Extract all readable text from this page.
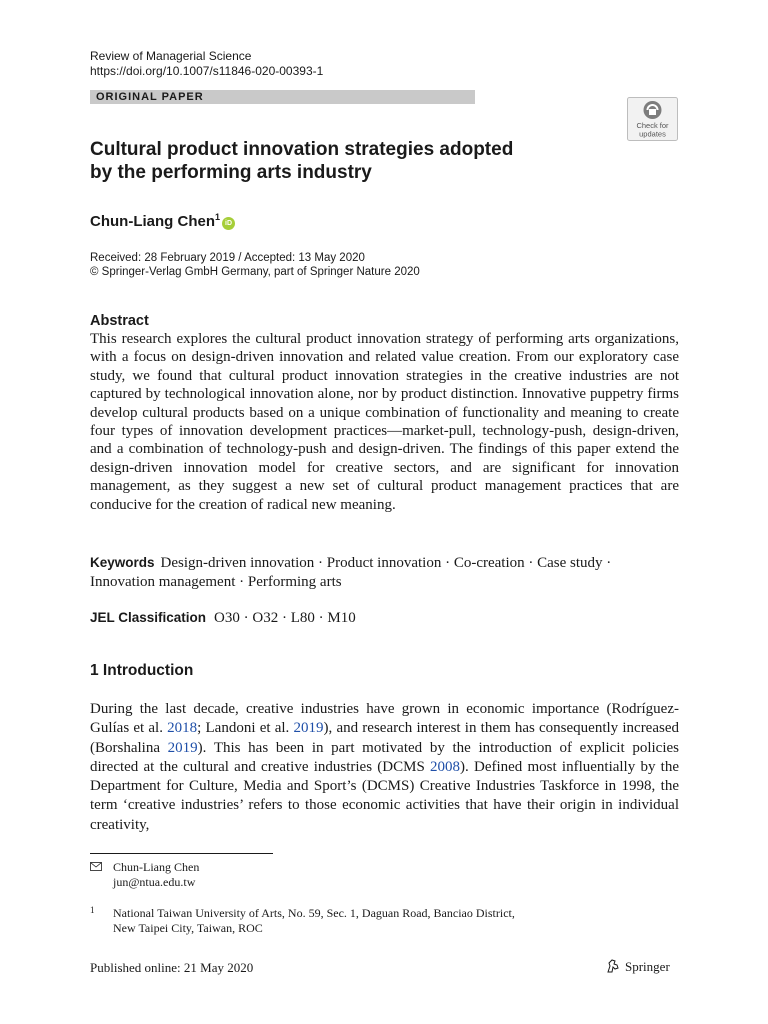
Review of Managerial Science
https://doi.org/10.1007/s11846-020-00393-1
ORIGINAL PAPER
Check for
updates
Cultural product innovation strategies adopted
by the performing arts industry
Chun-Liang Chen$^1$iD
Received: 28 February 2019 / Accepted: 13 May 2020
© Springer-Verlag GmbH Germany, part of Springer Nature 2020
Abstract

This research explores the cultural product innovation strategy of performing arts organizations, with a focus on design-driven innovation and related value creation. From our exploratory case study, we found that cultural product innovation strategies in the creative industries are not captured by technological innovation alone, nor by product distinction. Innovative puppetry firms develop cultural products based on a unique combination of functionality and meaning to create four types of innovation development practices—market-pull, technology-push, design-driven, and a combination of technology-push and design-driven. The findings of this paper extend the design-driven innovation model for creative sectors, and are significant for innovation management, as they suggest a new set of cultural product management practices that are conducive for the creation of radical new meaning.

Keywords Design-driven innovation · Product innovation · Co-creation · Case study · Innovation management · Performing arts

JEL Classification O30 · O32 · L80 · M10
1 Introduction

During the last decade, creative industries have grown in economic importance (Rodríguez-Gulías et al. 2018; Landoni et al. 2019), and research interest in them has consequently increased (Borshalina 2019). This has been in part motivated by the introduction of explicit policies directed at the cultural and creative industries (DCMS 2008). Defined most influentially by the Department for Culture, Media and Sport’s (DCMS) Creative Industries Taskforce in 1998, the term ‘creative industries’ refers to those economic activities that have their origin in individual creativity,

Chun-Liang Chen
jun@ntua.edu.tw
1 National Taiwan University of Arts, No. 59, Sec. 1, Daguan Road, Banciao District,
New Taipei City, Taiwan, ROC
Published online: 21 May 2020	Springer
